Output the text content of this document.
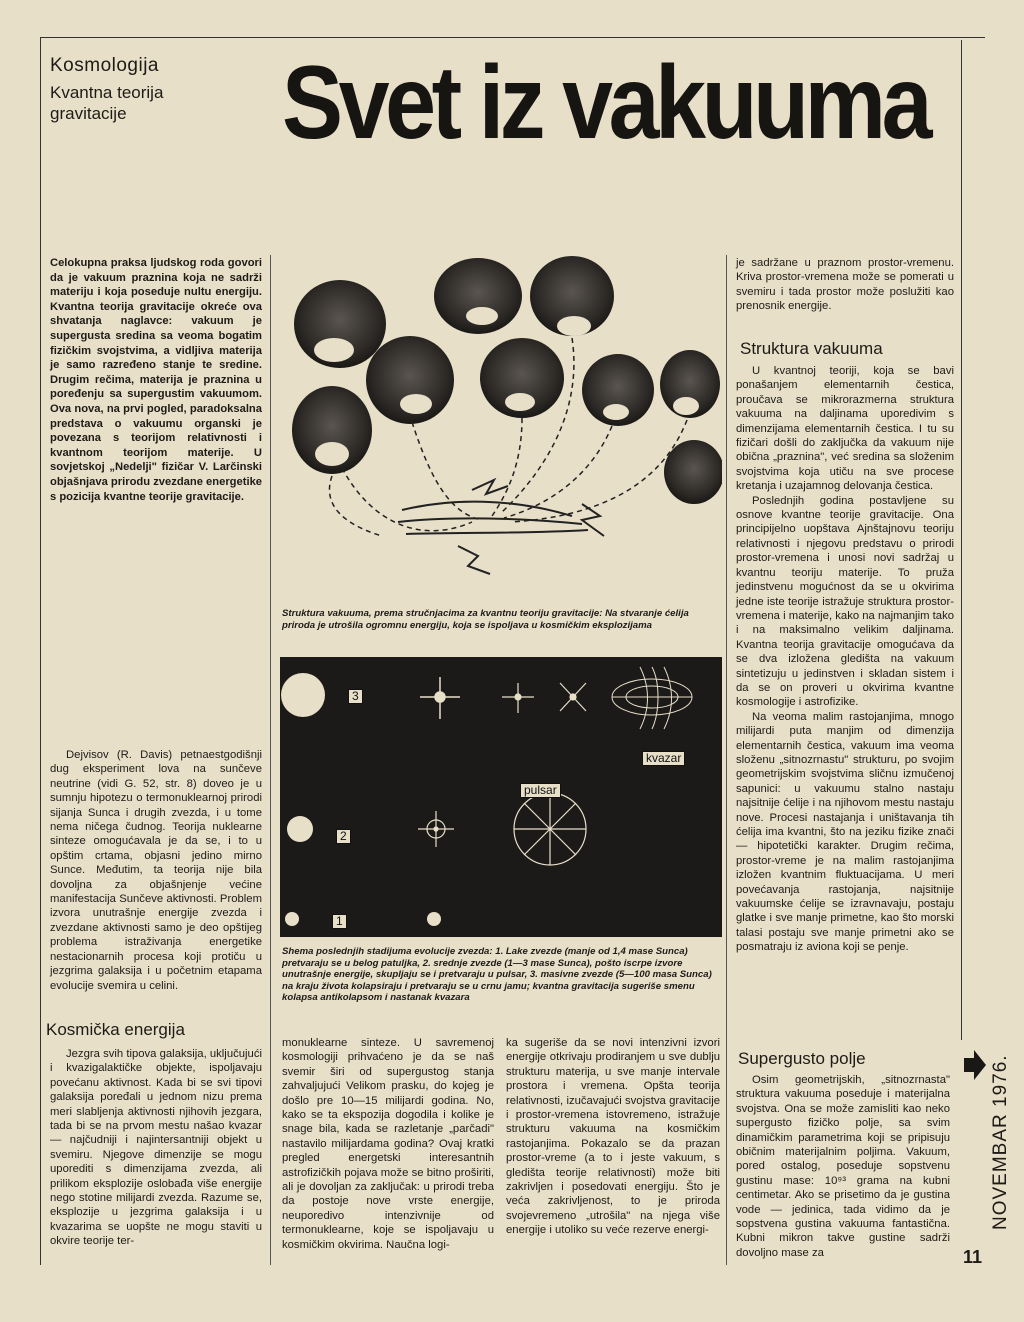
Kosmologija
Kvantna teorija gravitacije	Svet iz vakuuma
Celokupna praksa ljudskog roda govori da je vakuum praznina koja ne sadrži materiju i koja poseduje nultu energiju. Kvantna teorija gravitacije okreće ova shvatanja naglavce: vakuum je supergusta sredina sa veoma bogatim fizičkim svojstvima, a vidljiva materija je samo razređeno stanje te sredine. Drugim rečima, materija je praznina u poređenju sa supergustim vakuumom. Ova nova, na prvi pogled, paradoksalna predstava o vakuumu organski je povezana s teorijom relativnosti i kvantnom teorijom materije. U sovjetskoj „Nedelji" fizičar V. Larčinski objašnjava prirodu zvezdane energetike s pozicija kvantne teorije gravitacije.

Dejvisov (R. Davis) petnaestgodišnji dug eksperiment lova na sunčeve neutrine (vidi G. 52, str. 8) doveo je u sumnju hipotezu o termonuklearnoj prirodi sijanja Sunca i drugih zvezda, i u tome nema ničega čudnog. Teorija nuklearne sinteze omogućavala je da se, i to u opštim crtama, objasni jedino mirno Sunce. Međutim, ta teorija nije bila dovoljna za objašnjenje većine manifestacija Sunčeve aktivnosti. Problem izvora unutrašnje energije zvezda i zvezdane aktivnosti samo je deo opštijeg problema istraživanja energetike nestacionarnih procesa koji protiču u jezgrima galaksija i u početnim etapama evolucije svemira u celini.

Kosmička energija

Jezgra svih tipova galaksija, uključujući i kvazigalaktičke objekte, ispoljavaju povećanu aktivnost. Kada bi se svi tipovi galaksija poređali u jednom nizu prema meri slabljenja aktivnosti njihovih jezgara, tada bi se na prvom mestu našao kvazar — najčudniji i najintersantniji objekt u svemiru. Njegove dimenzije se mogu uporediti s dimenzijama zvezda, ali prilikom eksplozije oslobađa više energije nego stotine milijardi zvezda. Razume se, eksplozije u jezgrima galaksija i u kvazarima se uopšte ne mogu staviti u okvire teorije ter-

Struktura vakuuma, prema stručnjacima za kvantnu teoriju gravitacije: Na stvaranje ćelija priroda je utrošila ogromnu energiju, koja se ispoljava u kosmičkim eksplozijama
3
2
1
kvazar
pulsar
Shema poslednjih stadijuma evolucije zvezda: 1. Lake zvezde (manje od 1,4 mase Sunca) pretvaraju se u belog patuljka, 2. srednje zvezde (1—3 mase Sunca), pošto iscrpe izvore unutrašnje energije, skupljaju se i pretvaraju u pulsar, 3. masivne zvezde (5—100 masa Sunca) na kraju života kolapsiraju i pretvaraju se u crnu jamu; kvantna gravitacija sugeriše smenu kolapsa antikolapsom i nastanak kvazara

monuklearne sinteze. U savremenoj kosmologiji prihvaćeno je da se naš svemir širi od supergustog stanja zahvaljujući Velikom prasku, do kojeg je došlo pre 10—15 milijardi godina. No, kako se ta ekspozija dogodila i kolike je snage bila, kada se razletanje „parčadi" nastavilo milijardama godina? Ovaj kratki pregled energetski interesantnih astrofizičkih pojava može se bitno proširiti, ali je dovoljan za zaključak: u prirodi treba da postoje nove vrste energije, neuporedivo intenzivnije od termonuklearne, koje se ispoljavaju u kosmičkim okvirima. Naučna logi-

ka sugeriše da se novi intenzivni izvori energije otkrivaju prodiranjem u sve dublju strukturu materija, u sve manje intervale prostora i vremena. Opšta teorija relativnosti, izučavajući svojstva gravitacije i prostor-vremena istovremeno, istražuje strukturu vakuuma na kosmičkim rastojanjima. Pokazalo se da prazan prostor-vreme (a to i jeste vakuum, s gledišta teorije relativnosti) može biti zakrivljen i posedovati energiju. Što je veća zakrivljenost, to je priroda svojevremeno „utrošila" na njega više energije i utoliko su veće rezerve energi-

je sadržane u praznom prostor-vremenu. Kriva prostor-vremena može se pomerati u svemiru i tada prostor može poslužiti kao prenosnik energije.

Struktura vakuuma

U kvantnoj teoriji, koja se bavi ponašanjem elementarnih čestica, proučava se mikrorazmerna struktura vakuuma na daljinama uporedivim s dimenzijama elementarnih čestica. I tu su fizičari došli do zaključka da vakuum nije obična „praznina", već sredina sa složenim svojstvima koja utiču na sve procese kretanja i uzajamnog delovanja čestica.

Poslednjih godina postavljene su osnove kvantne teorije gravitacije. Ona principijelno uopštava Ajnštajnovu teoriju relativnosti i njegovu predstavu o prirodi prostor-vremena i unosi novi sadržaj u kvantnu teoriju materije. To pruža jedinstvenu mogućnost da se u okvirima jedne iste teorije istražuje struktura prostor-vremena i materije, kako na najmanjim tako i na maksimalno velikim daljinama. Kvantna teorija gravitacije omogućava da se dva izložena gledišta na vakuum sintetizuju u jedinstven i skladan sistem i da se on proveri u okvirima kvantne kosmologije i astrofizike.

Na veoma malim rastojanjima, mnogo milijardi puta manjim od dimenzija elementarnih čestica, vakuum ima veoma složenu „sitnozrnastu" strukturu, po svojim geometrijskim svojstvima sličnu izmučenoj sapunici: u vakuumu stalno nastaju najsitnije ćelije i na njihovom mestu nastaju nove. Procesi nastajanja i uništavanja tih ćelija ima kvantni, što na jeziku fizike znači — hipotetički karakter. Drugim rečima, prostor-vreme je na malim rastojanjima izložen kvantnim fluktuacijama. U meri povećavanja rastojanja, najsitnije vakuumske ćelije se izravnavaju, postaju glatke i sve manje primetne, kao što morski talasi postaju sve manje primetni ako se posmatraju iz aviona koji se penje.

Supergusto polje

Osim geometrijskih, „sitnozrnasta" struktura vakuuma poseduje i materijalna svojstva. Ona se može zamisliti kao neko supergusto fizičko polje, sa svim dinamičkim parametrima koji se pripisuju običnim materijalnim poljima. Vakuum, pored ostalog, poseduje sopstvenu gustinu mase: 10⁹³ grama na kubni centimetar. Ako se prisetimo da je gustina vode — jedinica, tada vidimo da je sopstvena gustina vakuuma fantastična. Kubni mikron takve gustine sadrži dovoljno mase za

NOVEMBAR 1976.
11
